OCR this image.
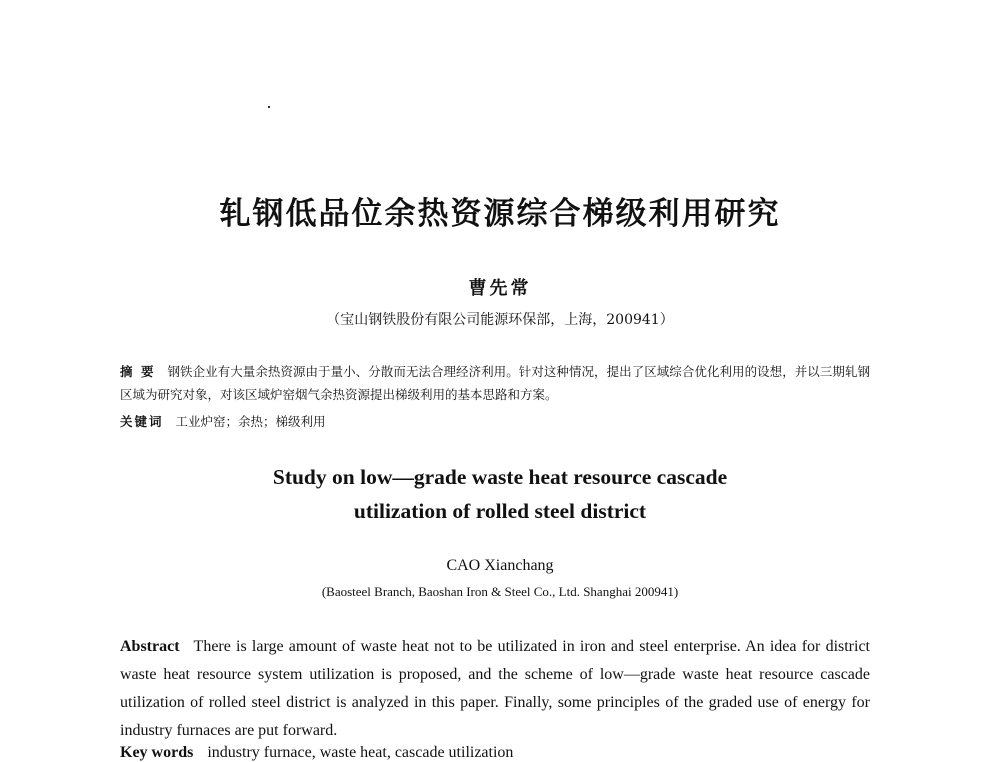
轧钢低品位余热资源综合梯级利用研究
曹先常
（宝山钢铁股份有限公司能源环保部，上海，200941）
摘 要 钢铁企业有大量余热资源由于量小、分散而无法合理经济利用。针对这种情况，提出了区域综合优化利用的设想，并以三期轧钢区域为研究对象，对该区域炉窑烟气余热资源提出梯级利用的基本思路和方案。
关键词 工业炉窑；余热；梯级利用
Study on low—grade waste heat resource cascade
utilization of rolled steel district
CAO Xianchang
(Baosteel Branch, Baoshan Iron & Steel Co., Ltd. Shanghai 200941)
Abstract There is large amount of waste heat not to be utilizated in iron and steel enterprise. An idea for district waste heat resource system utilization is proposed, and the scheme of low—grade waste heat resource cascade utilization of rolled steel district is analyzed in this paper. Finally, some principles of the graded use of energy for industry furnaces are put forward.
Key words industry furnace, waste heat, cascade utilization
